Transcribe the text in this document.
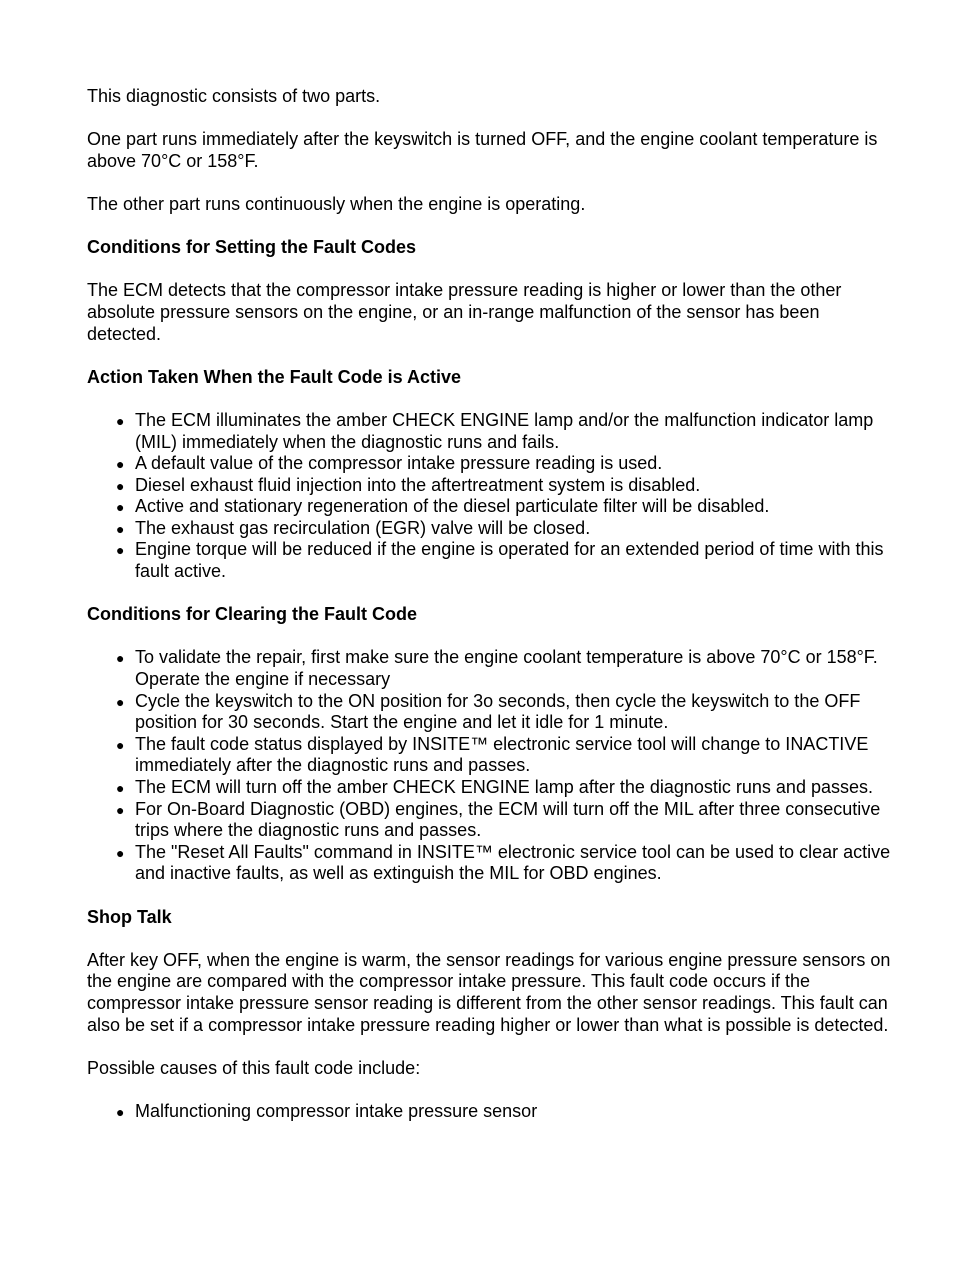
This diagnostic consists of two parts.

One part runs immediately after the keyswitch is turned OFF, and the engine coolant temperature is above 70°C or 158°F.

The other part runs continuously when the engine is operating.

Conditions for Setting the Fault Codes

The ECM detects that the compressor intake pressure reading is higher or lower than the other absolute pressure sensors on the engine, or an in-range malfunction of the sensor has been detected.

Action Taken When the Fault Code is Active
● The ECM illuminates the amber CHECK ENGINE lamp and/or the malfunction indicator lamp (MIL) immediately when the diagnostic runs and fails.
● A default value of the compressor intake pressure reading is used.
● Diesel exhaust fluid injection into the aftertreatment system is disabled.
● Active and stationary regeneration of the diesel particulate filter will be disabled.
● The exhaust gas recirculation (EGR) valve will be closed.
● Engine torque will be reduced if the engine is operated for an extended period of time with this fault active.
Conditions for Clearing the Fault Code
● To validate the repair, first make sure the engine coolant temperature is above 70°C or 158°F. Operate the engine if necessary
● Cycle the keyswitch to the ON position for 3o seconds, then cycle the keyswitch to the OFF position for 30 seconds. Start the engine and let it idle for 1 minute.
● The fault code status displayed by INSITE™ electronic service tool will change to INACTIVE immediately after the diagnostic runs and passes.
● The ECM will turn off the amber CHECK ENGINE lamp after the diagnostic runs and passes.
● For On-Board Diagnostic (OBD) engines, the ECM will turn off the MIL after three consecutive trips where the diagnostic runs and passes.
● The "Reset All Faults" command in INSITE™ electronic service tool can be used to clear active and inactive faults, as well as extinguish the MIL for OBD engines.
Shop Talk

After key OFF, when the engine is warm, the sensor readings for various engine pressure sensors on the engine are compared with the compressor intake pressure. This fault code occurs if the compressor intake pressure sensor reading is different from the other sensor readings. This fault can also be set if a compressor intake pressure reading higher or lower than what is possible is detected.

Possible causes of this fault code include:

● Malfunctioning compressor intake pressure sensor
